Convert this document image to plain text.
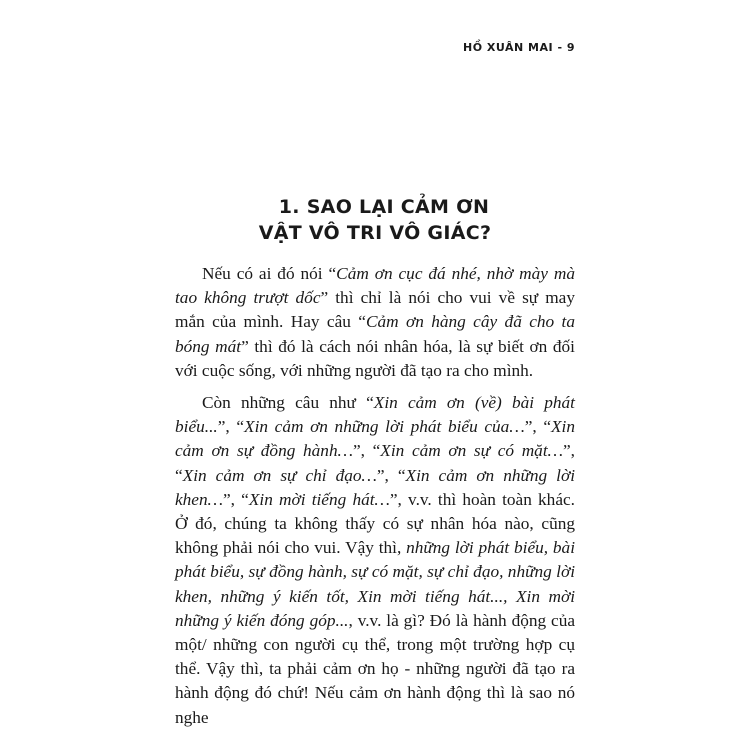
HỒ XUÂN MAI - 9
1. SAO LẠI CẢM ƠN
VẬT VÔ TRI VÔ GIÁC?

Nếu có ai đó nói “Cảm ơn cục đá nhé, nhờ mày mà tao không trượt dốc” thì chỉ là nói cho vui về sự may mắn của mình. Hay câu “Cảm ơn hàng cây đã cho ta bóng mát” thì đó là cách nói nhân hóa, là sự biết ơn đối với cuộc sống, với những người đã tạo ra cho mình.

Còn những câu như “Xin cảm ơn (về) bài phát biểu...”, “Xin cảm ơn những lời phát biểu của…”, “Xin cảm ơn sự đồng hành…”, “Xin cảm ơn sự có mặt…”, “Xin cảm ơn sự chỉ đạo…”, “Xin cảm ơn những lời khen…”, “Xin mời tiếng hát…”, v.v. thì hoàn toàn khác. Ở đó, chúng ta không thấy có sự nhân hóa nào, cũng không phải nói cho vui. Vậy thì, những lời phát biểu, bài phát biểu, sự đồng hành, sự có mặt, sự chỉ đạo, những lời khen, những ý kiến tốt, Xin mời tiếng hát..., Xin mời những ý kiến đóng góp..., v.v. là gì? Đó là hành động của một/ những con người cụ thể, trong một trường hợp cụ thể. Vậy thì, ta phải cảm ơn họ - những người đã tạo ra hành động đó chứ! Nếu cảm ơn hành động thì là sao nó nghe
